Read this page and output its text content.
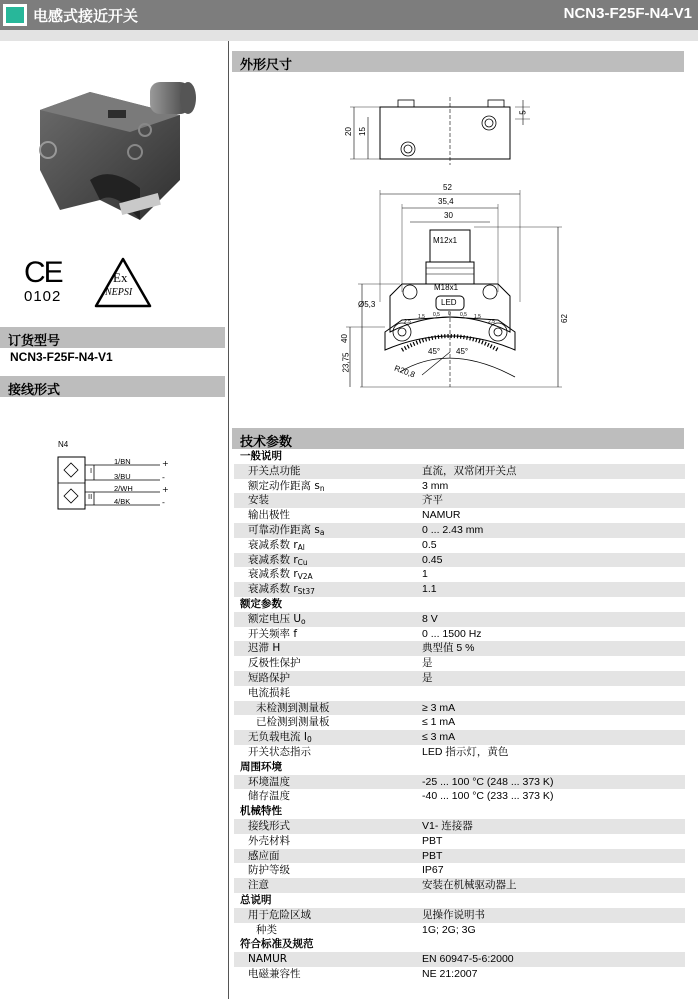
电感式接近开关	NCN3-F25F-N4-V1
CE
0102
Ex
NEPSI
订货型号
NCN3-F25F-N4-V1
接线形式
N4
I
II
1/BN
3/BU
2/WH
4/BK
+
-
+
-
外形尺寸
20 15
5
52
35,4
30
M12x1
M18x1
LED
Ø5,3
40
23,75
62
R20,8
45° 45°
2,5
1,5 0,5 0 0,5 1,5
2,5
技术参数
一般说明
开关点功能	直流，双常闭开关点
额定动作距离 $s_n$	3 mm
安装	齐平
输出极性	NAMUR
可靠动作距离 $s_a$	0 ... 2.43 mm
衰减系数 $r_{Al}$	0.5
衰减系数 $r_{Cu}$	0.45
衰减系数 $r_{V2A}$	1
衰减系数 $r_{St37}$	1.1
额定参数
额定电压 $U_o$	8 V
开关频率 f	0 ... 1500 Hz
迟滞 H	典型值 5 %
反极性保护	是
短路保护	是
电流损耗
未检测到测量板	≥ 3 mA
已检测到测量板	≤ 1 mA
无负载电流 $I_0$	≤ 3 mA
开关状态指示	LED 指示灯，黄色
周围环境
环境温度	-25 ... 100 °C (248 ... 373 K)
储存温度	-40 ... 100 °C (233 ... 373 K)
机械特性
接线形式	V1- 连接器
外壳材料	PBT
感应面	PBT
防护等级	IP67
注意	安装在机械驱动器上
总说明
用于危险区域	见操作说明书
种类	1G; 2G; 3G
符合标准及规范
NAMUR	EN 60947-5-6:2000
电磁兼容性	NE 21:2007
